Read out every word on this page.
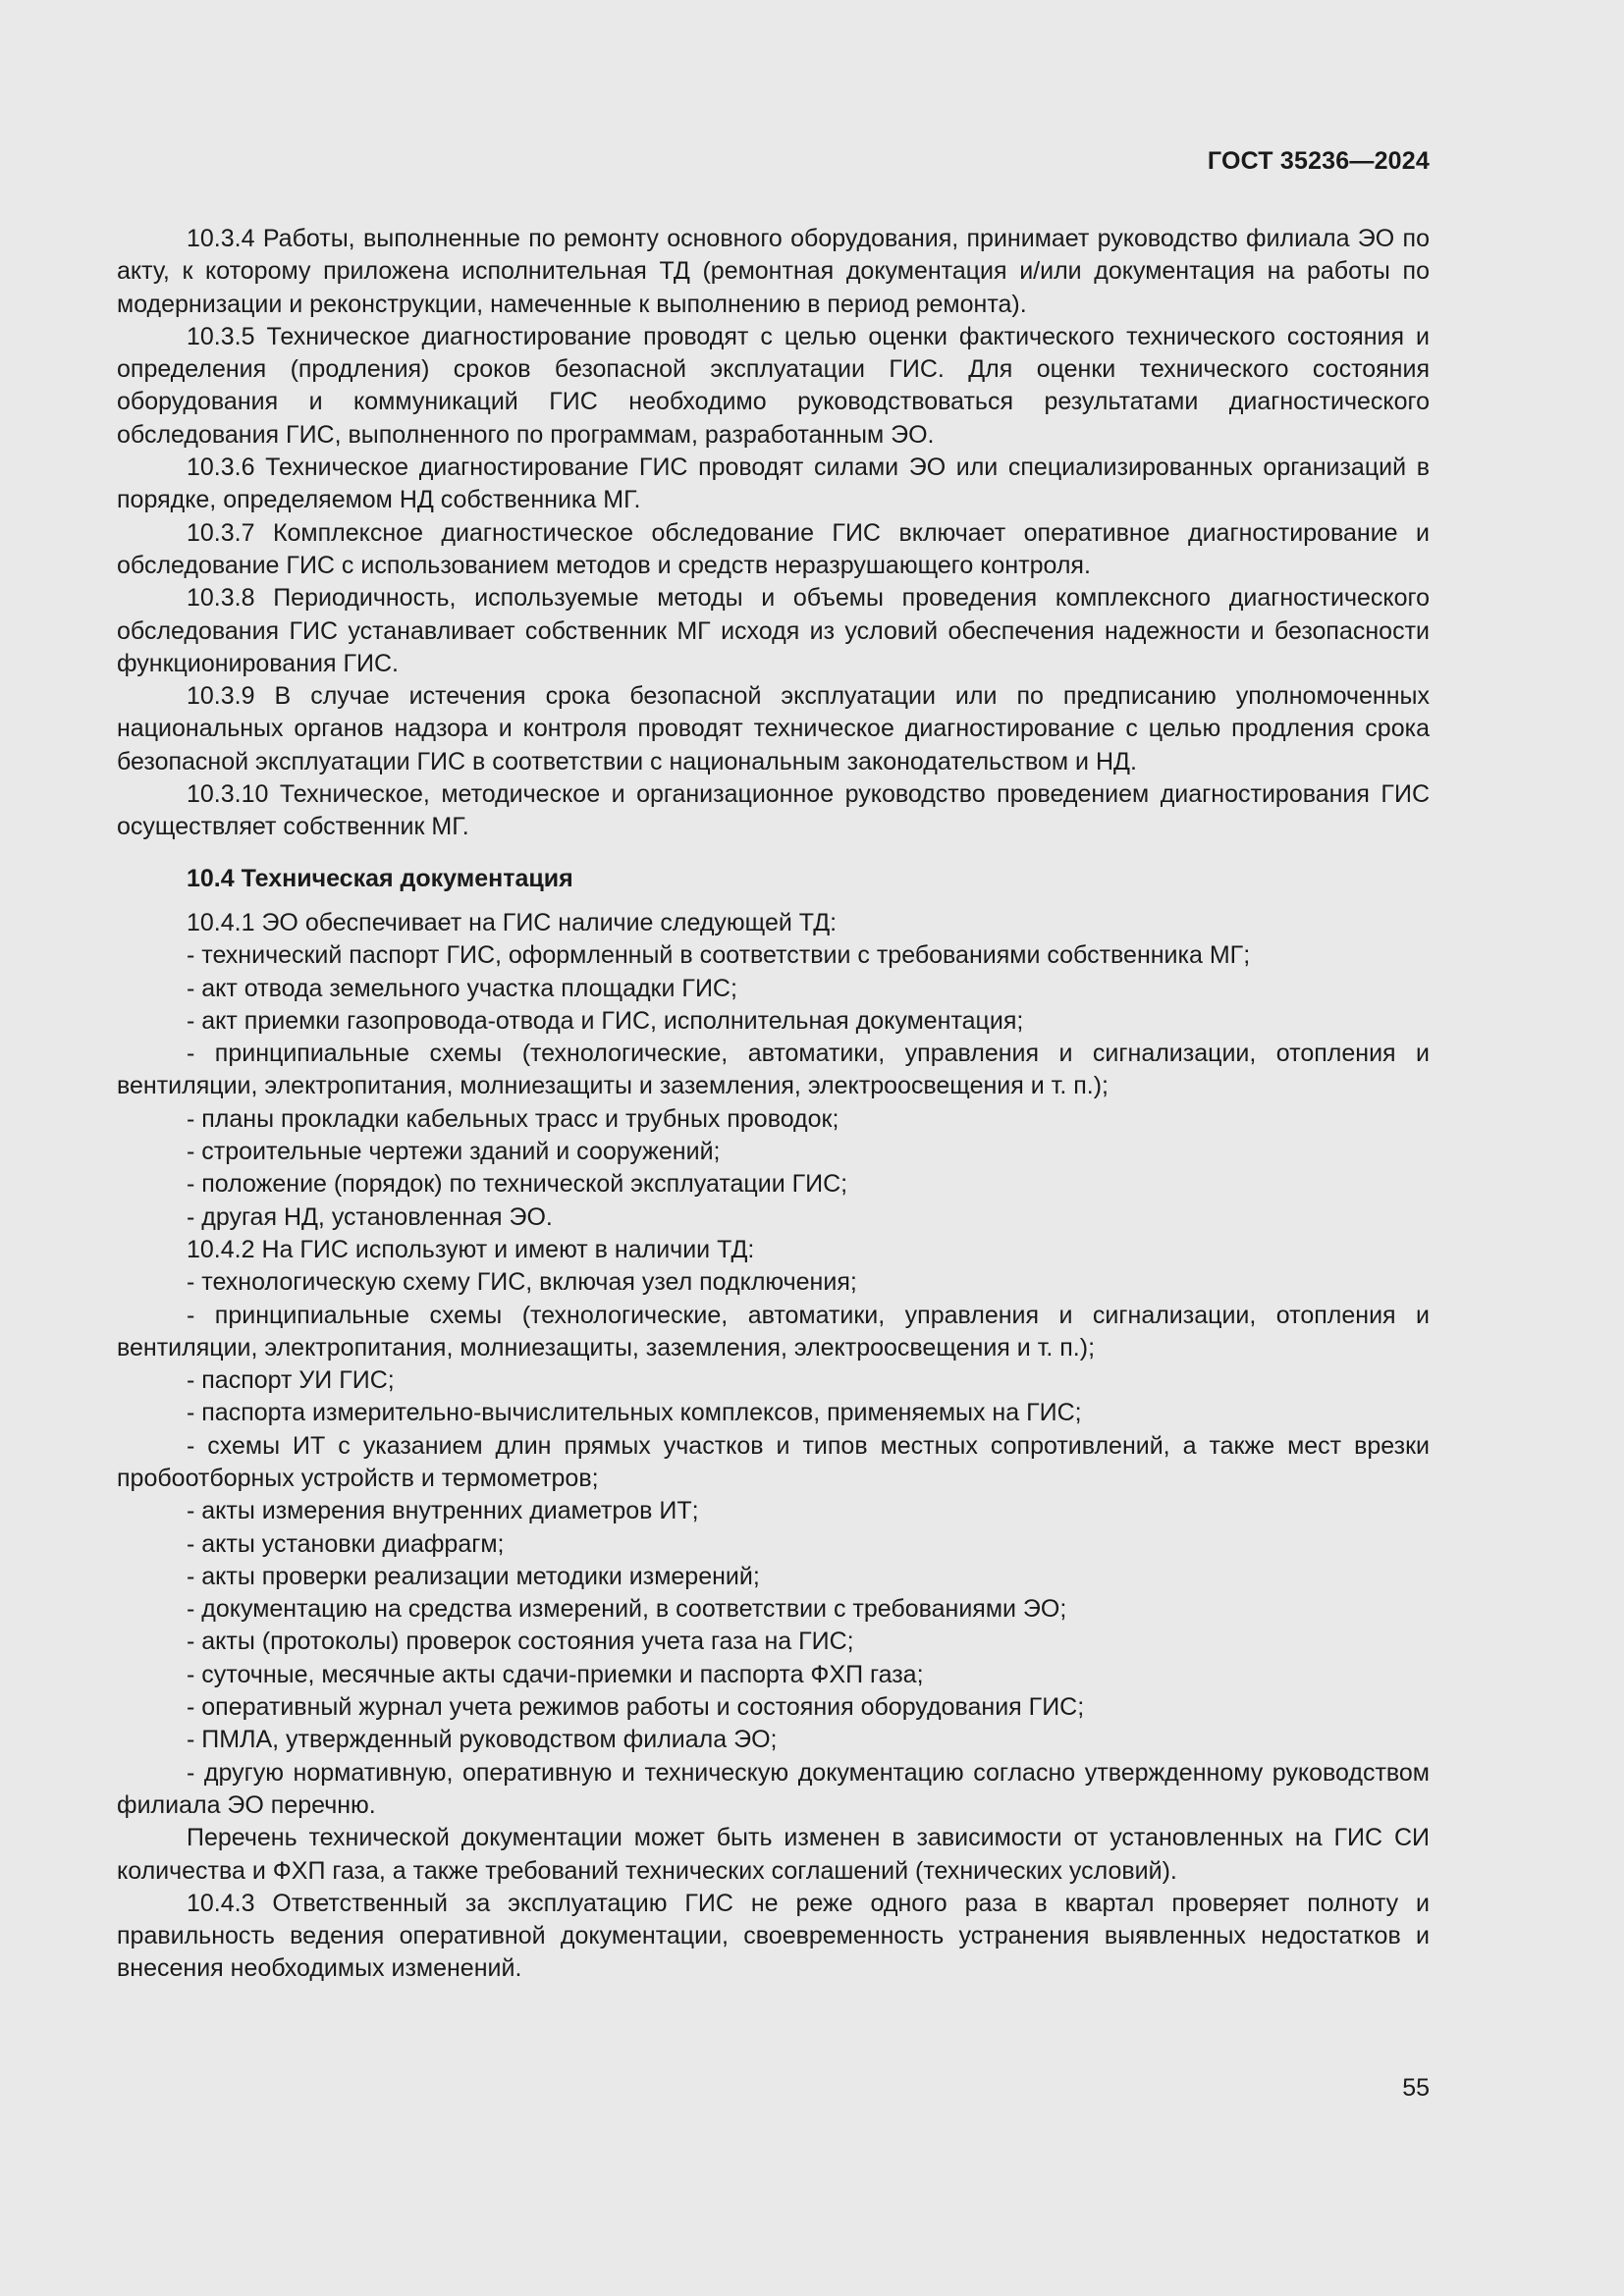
ГОСТ 35236—2024

10.3.4 Работы, выполненные по ремонту основного оборудования, принимает руководство филиала ЭО по акту, к которому приложена исполнительная ТД (ремонтная документация и/или документация на работы по модернизации и реконструкции, намеченные к выполнению в период ремонта).

10.3.5 Техническое диагностирование проводят с целью оценки фактического технического состояния и определения (продления) сроков безопасной эксплуатации ГИС. Для оценки технического состояния оборудования и коммуникаций ГИС необходимо руководствоваться результатами диагностического обследования ГИС, выполненного по программам, разработанным ЭО.

10.3.6 Техническое диагностирование ГИС проводят силами ЭО или специализированных организаций в порядке, определяемом НД собственника МГ.

10.3.7 Комплексное диагностическое обследование ГИС включает оперативное диагностирование и обследование ГИС с использованием методов и средств неразрушающего контроля.

10.3.8 Периодичность, используемые методы и объемы проведения комплексного диагностического обследования ГИС устанавливает собственник МГ исходя из условий обеспечения надежности и безопасности функционирования ГИС.

10.3.9 В случае истечения срока безопасной эксплуатации или по предписанию уполномоченных национальных органов надзора и контроля проводят техническое диагностирование с целью продления срока безопасной эксплуатации ГИС в соответствии с национальным законодательством и НД.

10.3.10 Техническое, методическое и организационное руководство проведением диагностирования ГИС осуществляет собственник МГ.

10.4 Техническая документация

10.4.1 ЭО обеспечивает на ГИС наличие следующей ТД:

- технический паспорт ГИС, оформленный в соответствии с требованиями собственника МГ;

- акт отвода земельного участка площадки ГИС;

- акт приемки газопровода-отвода и ГИС, исполнительная документация;

- принципиальные схемы (технологические, автоматики, управления и сигнализации, отопления и вентиляции, электропитания, молниезащиты и заземления, электроосвещения и т. п.);

- планы прокладки кабельных трасс и трубных проводок;

- строительные чертежи зданий и сооружений;

- положение (порядок) по технической эксплуатации ГИС;

- другая НД, установленная ЭО.

10.4.2 На ГИС используют и имеют в наличии ТД:

- технологическую схему ГИС, включая узел подключения;

- принципиальные схемы (технологические, автоматики, управления и сигнализации, отопления и вентиляции, электропитания, молниезащиты, заземления, электроосвещения и т. п.);

- паспорт УИ ГИС;

- паспорта измерительно-вычислительных комплексов, применяемых на ГИС;

- схемы ИТ с указанием длин прямых участков и типов местных сопротивлений, а также мест врезки пробоотборных устройств и термометров;

- акты измерения внутренних диаметров ИТ;

- акты установки диафрагм;

- акты проверки реализации методики измерений;

- документацию на средства измерений, в соответствии с требованиями ЭО;

- акты (протоколы) проверок состояния учета газа на ГИС;

- суточные, месячные акты сдачи-приемки и паспорта ФХП газа;

- оперативный журнал учета режимов работы и состояния оборудования ГИС;

- ПМЛА, утвержденный руководством филиала ЭО;

- другую нормативную, оперативную и техническую документацию согласно утвержденному руководством филиала ЭО перечню.

Перечень технической документации может быть изменен в зависимости от установленных на ГИС СИ количества и ФХП газа, а также требований технических соглашений (технических условий).

10.4.3 Ответственный за эксплуатацию ГИС не реже одного раза в квартал проверяет полноту и правильность ведения оперативной документации, своевременность устранения выявленных недостатков и внесения необходимых изменений.

55
